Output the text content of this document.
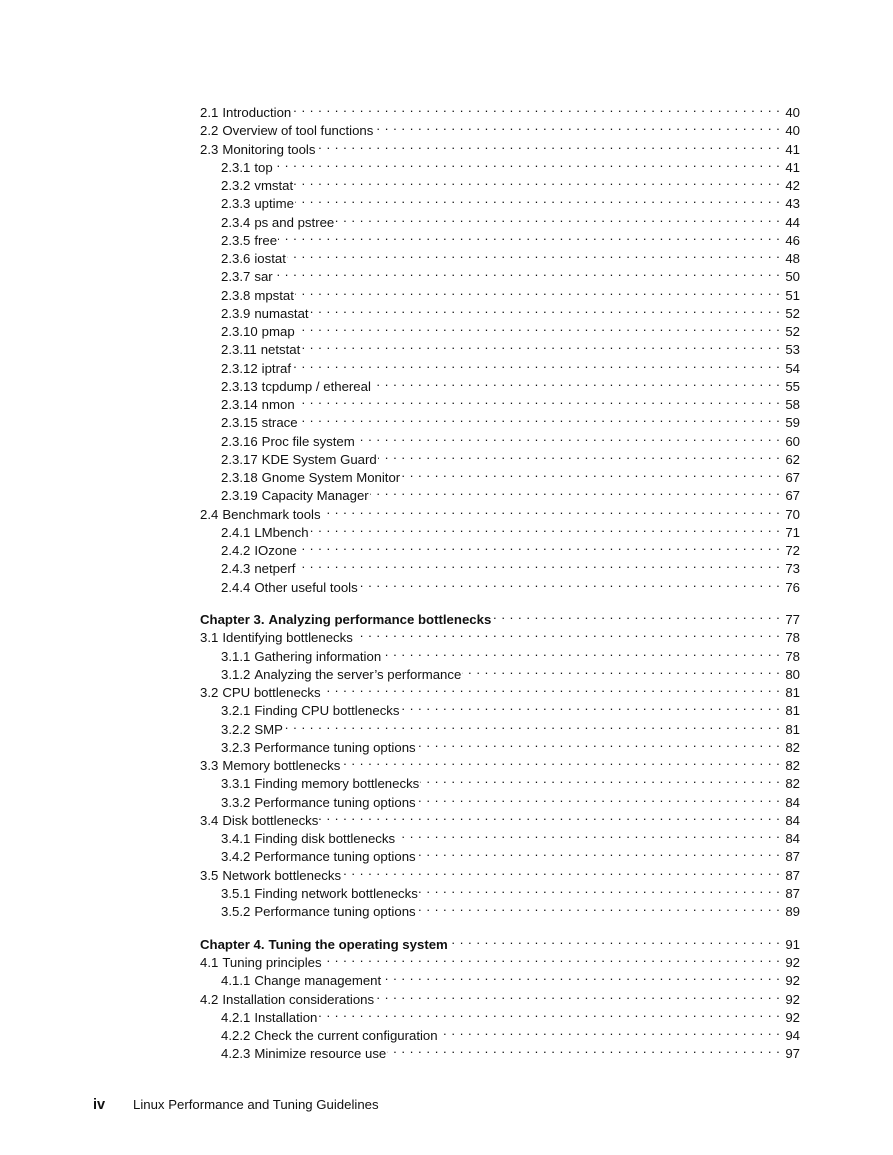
2.1 Introduction . . .	40
2.2 Overview of tool functions . . .	40
2.3 Monitoring tools . . .	41
2.3.1 top . . .	41
2.3.2 vmstat . . .	42
2.3.3 uptime . . .	43
2.3.4 ps and pstree . . .	44
2.3.5 free . . .	46
2.3.6 iostat . . .	48
2.3.7 sar . . .	50
2.3.8 mpstat . . .	51
2.3.9 numastat . . .	52
2.3.10 pmap . . .	52
2.3.11 netstat . . .	53
2.3.12 iptraf . . .	54
2.3.13 tcpdump / ethereal . . .	55
2.3.14 nmon . . .	58
2.3.15 strace . . .	59
2.3.16 Proc file system . . .	60
2.3.17 KDE System Guard . . .	62
2.3.18 Gnome System Monitor . . .	67
2.3.19 Capacity Manager . . .	67
2.4 Benchmark tools . . .	70
2.4.1 LMbench . . .	71
2.4.2 IOzone . . .	72
2.4.3 netperf . . .	73
2.4.4 Other useful tools . . .	76
Chapter 3. Analyzing performance bottlenecks . . .	77
3.1 Identifying bottlenecks . . .	78
3.1.1 Gathering information . . .	78
3.1.2 Analyzing the server’s performance . . .	80
3.2 CPU bottlenecks . . .	81
3.2.1 Finding CPU bottlenecks . . .	81
3.2.2 SMP . . .	81
3.2.3 Performance tuning options . . .	82
3.3 Memory bottlenecks . . .	82
3.3.1 Finding memory bottlenecks . . .	82
3.3.2 Performance tuning options . . .	84
3.4 Disk bottlenecks . . .	84
3.4.1 Finding disk bottlenecks . . .	84
3.4.2 Performance tuning options . . .	87
3.5 Network bottlenecks . . .	87
3.5.1 Finding network bottlenecks . . .	87
3.5.2 Performance tuning options . . .	89
Chapter 4. Tuning the operating system . . .	91
4.1 Tuning principles . . .	92
4.1.1 Change management . . .	92
4.2 Installation considerations . . .	92
4.2.1 Installation . . .	92
4.2.2 Check the current configuration . . .	94
4.2.3 Minimize resource use . . .	97
iv Linux Performance and Tuning Guidelines
